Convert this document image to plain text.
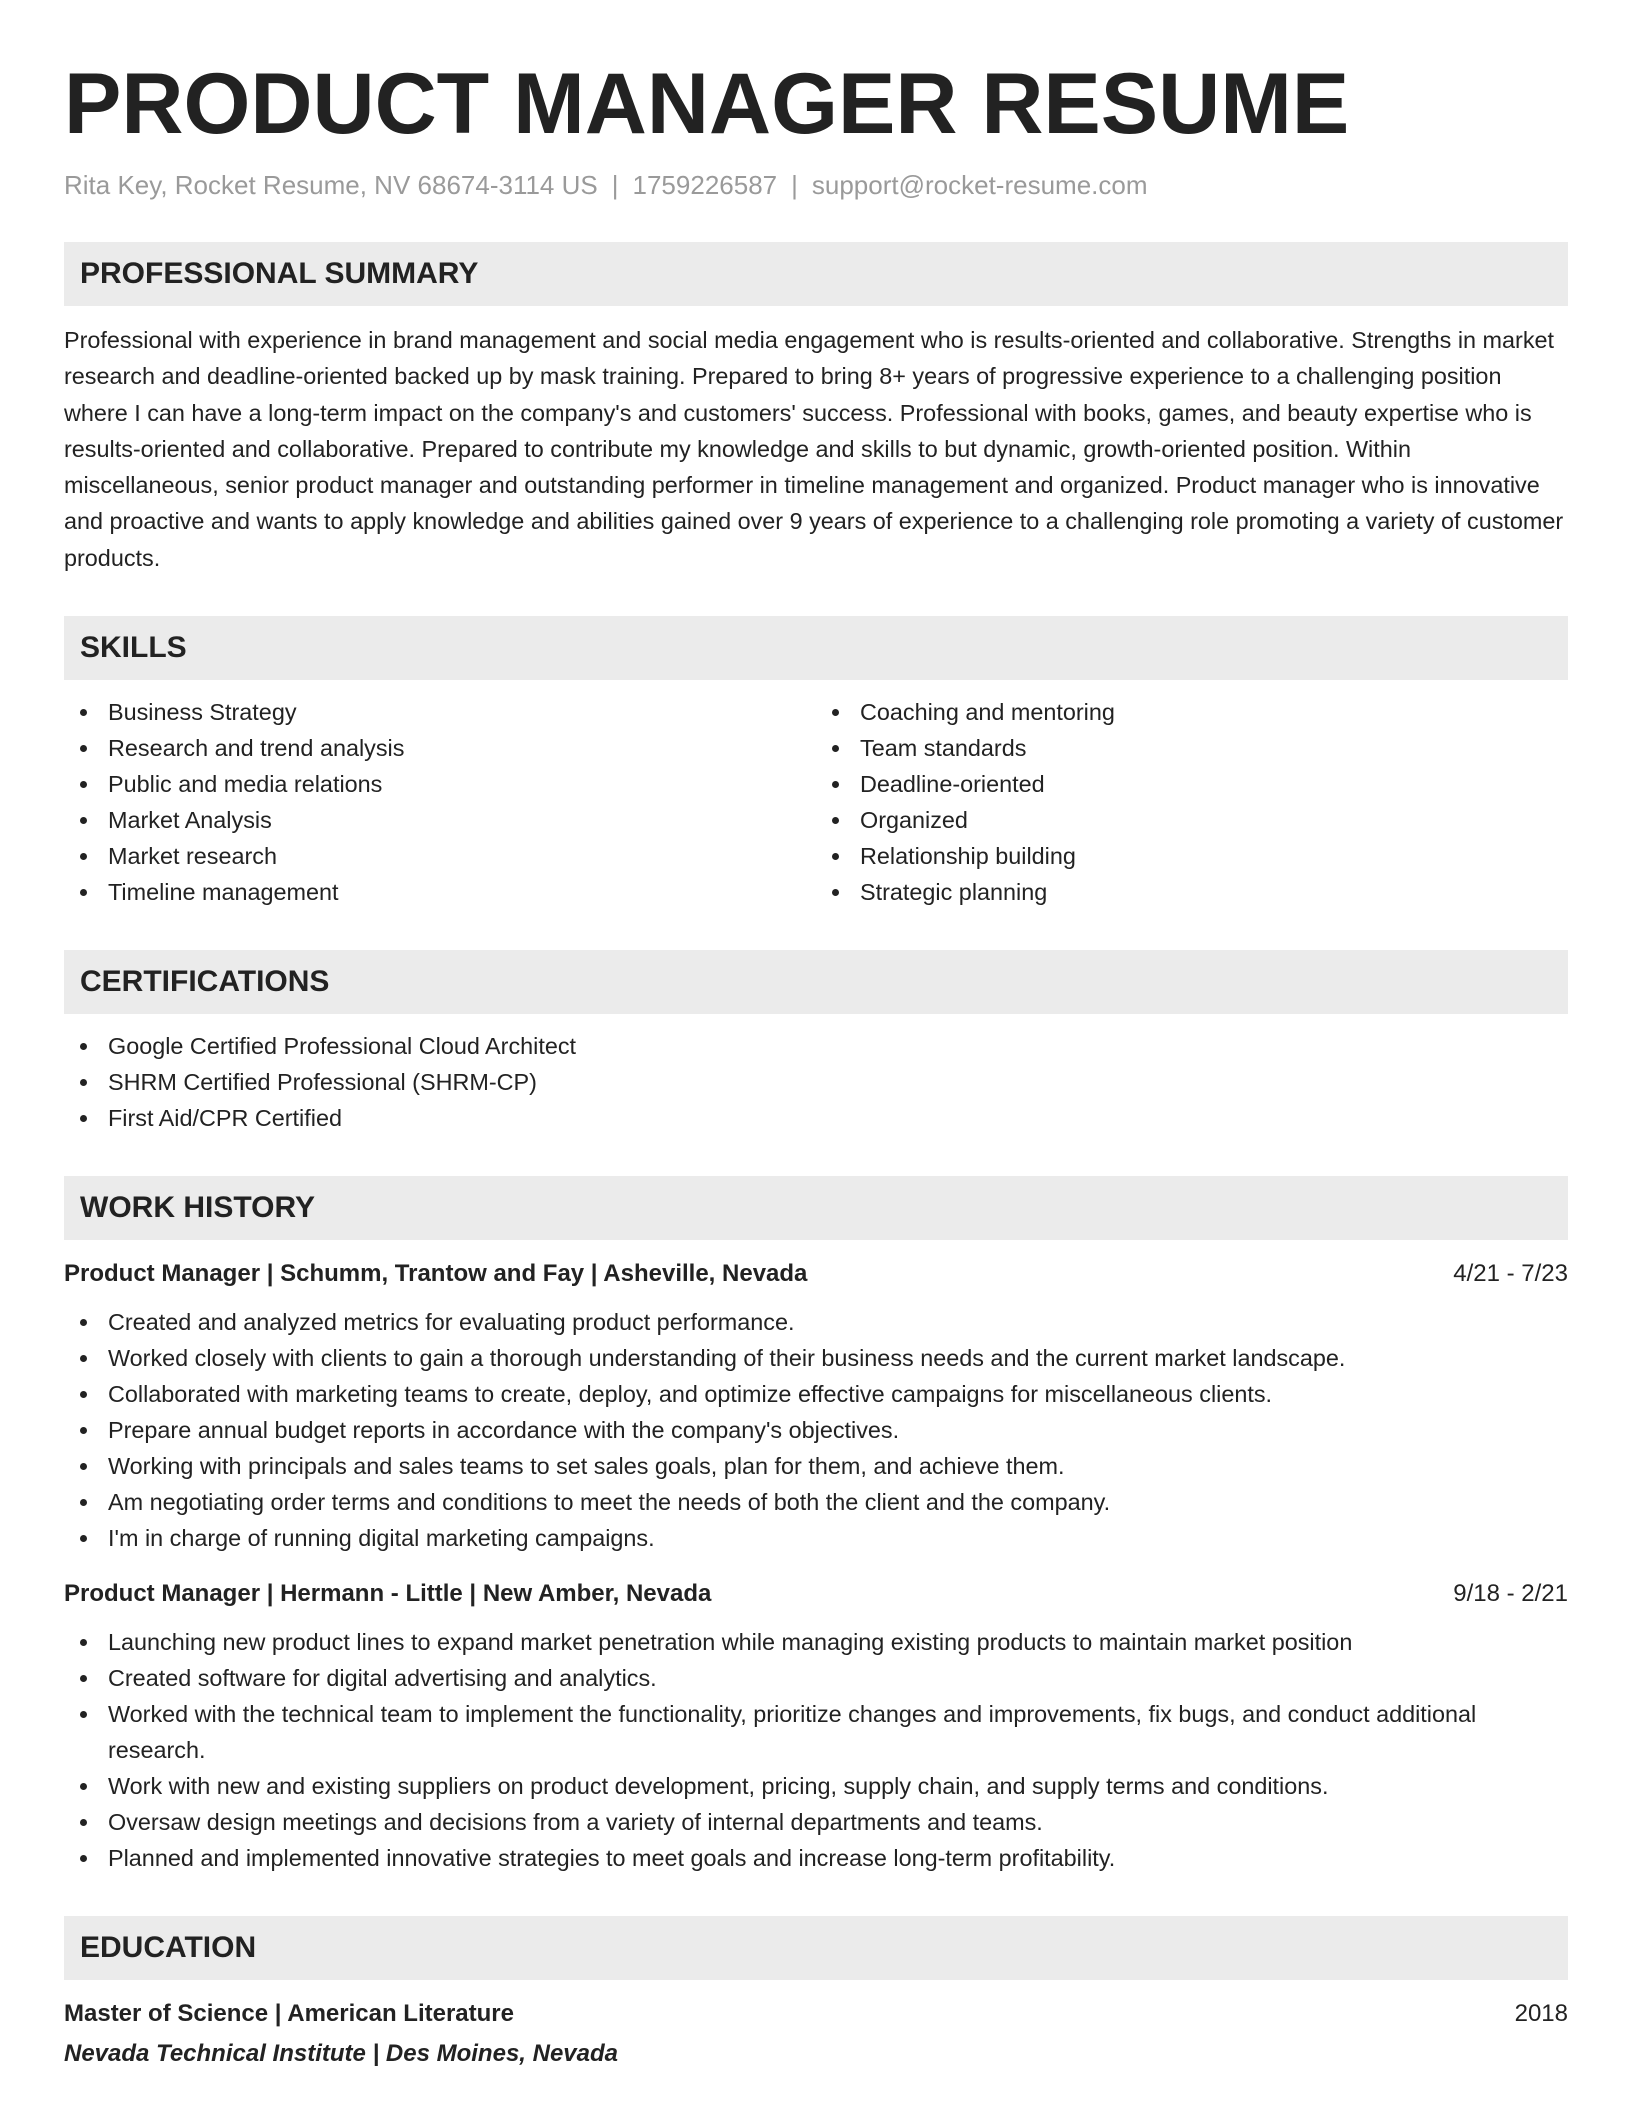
PRODUCT MANAGER RESUME
Rita Key, Rocket Resume, NV 68674-3114 US | 1759226587 | support@rocket-resume.com
PROFESSIONAL SUMMARY

Professional with experience in brand management and social media engagement who is results-oriented and collaborative. Strengths in market research and deadline-oriented backed up by mask training. Prepared to bring 8+ years of progressive experience to a challenging position where I can have a long-term impact on the company's and customers' success. Professional with books, games, and beauty expertise who is results-oriented and collaborative. Prepared to contribute my knowledge and skills to but dynamic, growth-oriented position. Within miscellaneous, senior product manager and outstanding performer in timeline management and organized. Product manager who is innovative and proactive and wants to apply knowledge and abilities gained over 9 years of experience to a challenging role promoting a variety of customer products.

SKILLS
Business Strategy
Research and trend analysis
Public and media relations
Market Analysis
Market research
Timeline management
Coaching and mentoring
Team standards
Deadline-oriented
Organized
Relationship building
Strategic planning
CERTIFICATIONS
Google Certified Professional Cloud Architect
SHRM Certified Professional (SHRM-CP)
First Aid/CPR Certified
WORK HISTORY
Product Manager | Schumm, Trantow and Fay | Asheville, Nevada	4/21 - 7/23
Created and analyzed metrics for evaluating product performance.
Worked closely with clients to gain a thorough understanding of their business needs and the current market landscape.
Collaborated with marketing teams to create, deploy, and optimize effective campaigns for miscellaneous clients.
Prepare annual budget reports in accordance with the company's objectives.
Working with principals and sales teams to set sales goals, plan for them, and achieve them.
Am negotiating order terms and conditions to meet the needs of both the client and the company.
I'm in charge of running digital marketing campaigns.
Product Manager | Hermann - Little | New Amber, Nevada	9/18 - 2/21
Launching new product lines to expand market penetration while managing existing products to maintain market position
Created software for digital advertising and analytics.
Worked with the technical team to implement the functionality, prioritize changes and improvements, fix bugs, and conduct additional research.
Work with new and existing suppliers on product development, pricing, supply chain, and supply terms and conditions.
Oversaw design meetings and decisions from a variety of internal departments and teams.
Planned and implemented innovative strategies to meet goals and increase long-term profitability.
EDUCATION
Master of Science | American Literature	2018
Nevada Technical Institute | Des Moines, Nevada
